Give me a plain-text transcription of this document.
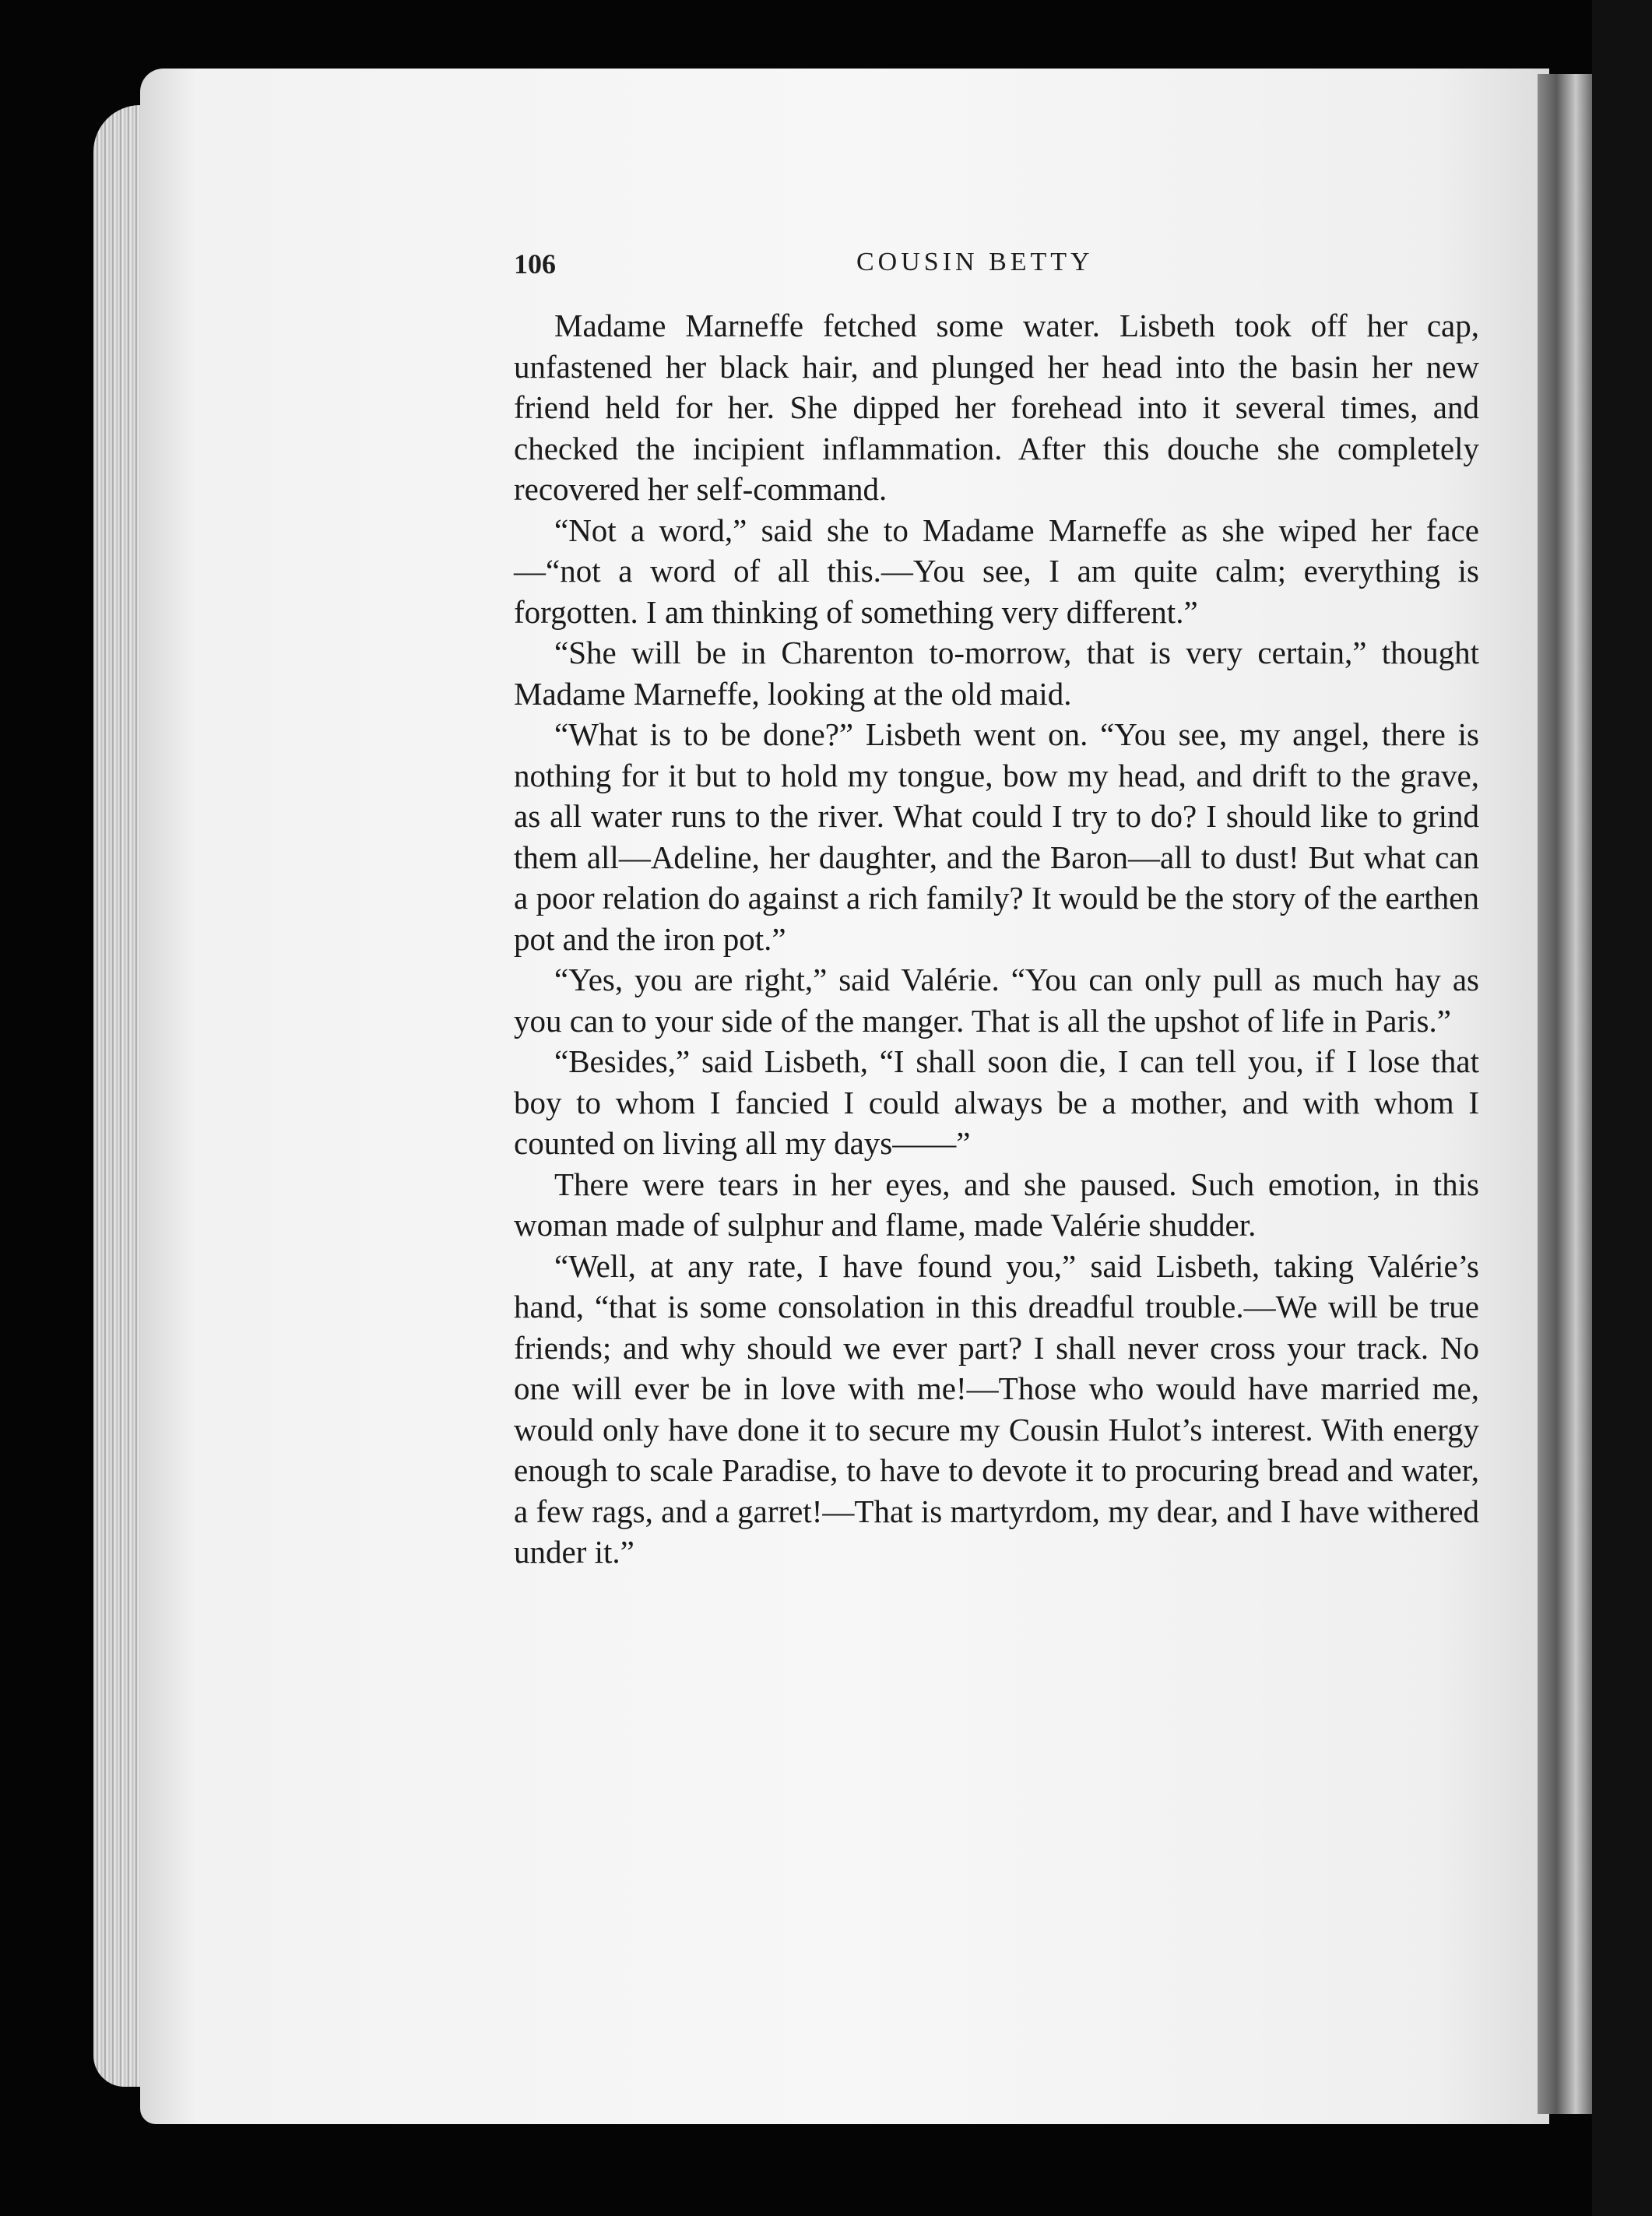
106	COUSIN BETTY

Madame Marneffe fetched some water. Lisbeth took off her cap, unfastened her black hair, and plunged her head into the basin her new friend held for her. She dipped her forehead into it several times, and checked the incipient inflammation. After this douche she completely recovered her self-command.

“Not a word,” said she to Madame Marneffe as she wiped her face—“not a word of all this.—You see, I am quite calm; everything is forgotten. I am thinking of something very different.”

“She will be in Charenton to-morrow, that is very certain,” thought Madame Marneffe, looking at the old maid.

“What is to be done?” Lisbeth went on. “You see, my angel, there is nothing for it but to hold my tongue, bow my head, and drift to the grave, as all water runs to the river. What could I try to do? I should like to grind them all—Adeline, her daughter, and the Baron—all to dust! But what can a poor relation do against a rich family? It would be the story of the earthen pot and the iron pot.”

“Yes, you are right,” said Valérie. “You can only pull as much hay as you can to your side of the manger. That is all the upshot of life in Paris.”

“Besides,” said Lisbeth, “I shall soon die, I can tell you, if I lose that boy to whom I fancied I could always be a mother, and with whom I counted on living all my days——”

There were tears in her eyes, and she paused. Such emotion, in this woman made of sulphur and flame, made Valérie shudder.

“Well, at any rate, I have found you,” said Lisbeth, taking Valérie’s hand, “that is some consolation in this dreadful trouble.—We will be true friends; and why should we ever part? I shall never cross your track. No one will ever be in love with me!—Those who would have married me, would only have done it to secure my Cousin Hulot’s interest. With energy enough to scale Paradise, to have to devote it to procuring bread and water, a few rags, and a garret!—That is martyrdom, my dear, and I have withered under it.”
